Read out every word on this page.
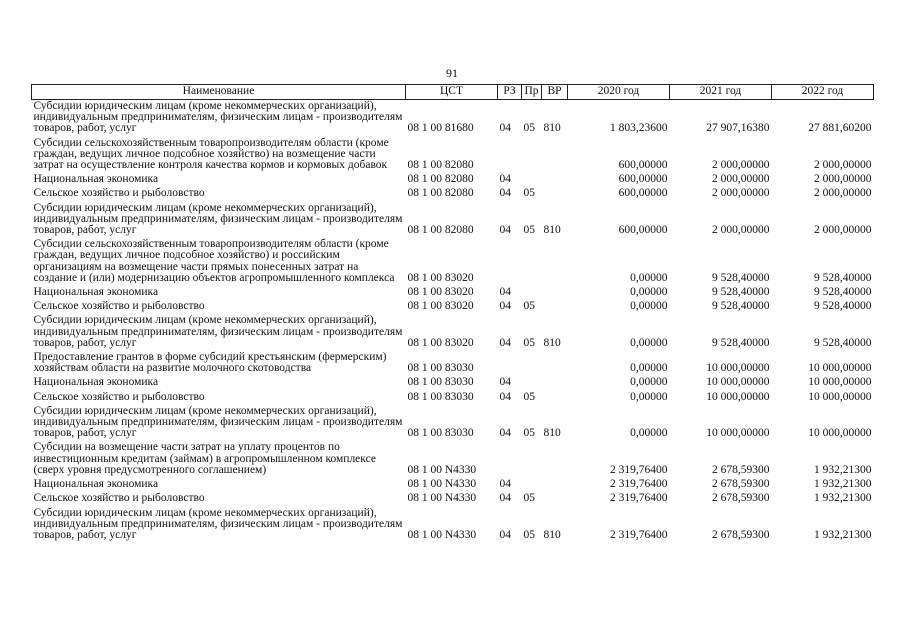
91
Наименование	ЦСТ	РЗ	Пр	ВР	2020 год	2021 год	2022 год
Субсидии юридическим лицам (кроме некоммерческих организаций), индивидуальным предпринимателям, физическим лицам - производителям товаров, работ, услуг	08 1 00 81680	04	05	810	1 803,23600	27 907,16380	27 881,60200
Субсидии сельскохозяйственным товаропроизводителям области (кроме граждан, ведущих личное подсобное хозяйство) на возмещение части затрат на осуществление контроля качества кормов и кормовых добавок	08 1 00 82080				600,00000	2 000,00000	2 000,00000
Национальная экономика	08 1 00 82080	04			600,00000	2 000,00000	2 000,00000
Сельское хозяйство и рыболовство	08 1 00 82080	04	05		600,00000	2 000,00000	2 000,00000
Субсидии юридическим лицам (кроме некоммерческих организаций), индивидуальным предпринимателям, физическим лицам - производителям товаров, работ, услуг	08 1 00 82080	04	05	810	600,00000	2 000,00000	2 000,00000
Субсидии сельскохозяйственным товаропроизводителям области (кроме граждан, ведущих личное подсобное хозяйство) и российским организациям на возмещение части прямых понесенных затрат на создание и (или) модернизацию объектов агропромышленного комплекса	08 1 00 83020				0,00000	9 528,40000	9 528,40000
Национальная экономика	08 1 00 83020	04			0,00000	9 528,40000	9 528,40000
Сельское хозяйство и рыболовство	08 1 00 83020	04	05		0,00000	9 528,40000	9 528,40000
Субсидии юридическим лицам (кроме некоммерческих организаций), индивидуальным предпринимателям, физическим лицам - производителям товаров, работ, услуг	08 1 00 83020	04	05	810	0,00000	9 528,40000	9 528,40000
Предоставление грантов в форме субсидий крестьянским (фермерским) хозяйствам области на развитие молочного скотоводства	08 1 00 83030				0,00000	10 000,00000	10 000,00000
Национальная экономика	08 1 00 83030	04			0,00000	10 000,00000	10 000,00000
Сельское хозяйство и рыболовство	08 1 00 83030	04	05		0,00000	10 000,00000	10 000,00000
Субсидии юридическим лицам (кроме некоммерческих организаций), индивидуальным предпринимателям, физическим лицам - производителям товаров, работ, услуг	08 1 00 83030	04	05	810	0,00000	10 000,00000	10 000,00000
Субсидии на возмещение части затрат на уплату процентов по инвестиционным кредитам (займам) в агропромышленном комплексе (сверх уровня предусмотренного соглашением)	08 1 00 N4330				2 319,76400	2 678,59300	1 932,21300
Национальная экономика	08 1 00 N4330	04			2 319,76400	2 678,59300	1 932,21300
Сельское хозяйство и рыболовство	08 1 00 N4330	04	05		2 319,76400	2 678,59300	1 932,21300
Субсидии юридическим лицам (кроме некоммерческих организаций), индивидуальным предпринимателям, физическим лицам - производителям товаров, работ, услуг	08 1 00 N4330	04	05	810	2 319,76400	2 678,59300	1 932,21300
